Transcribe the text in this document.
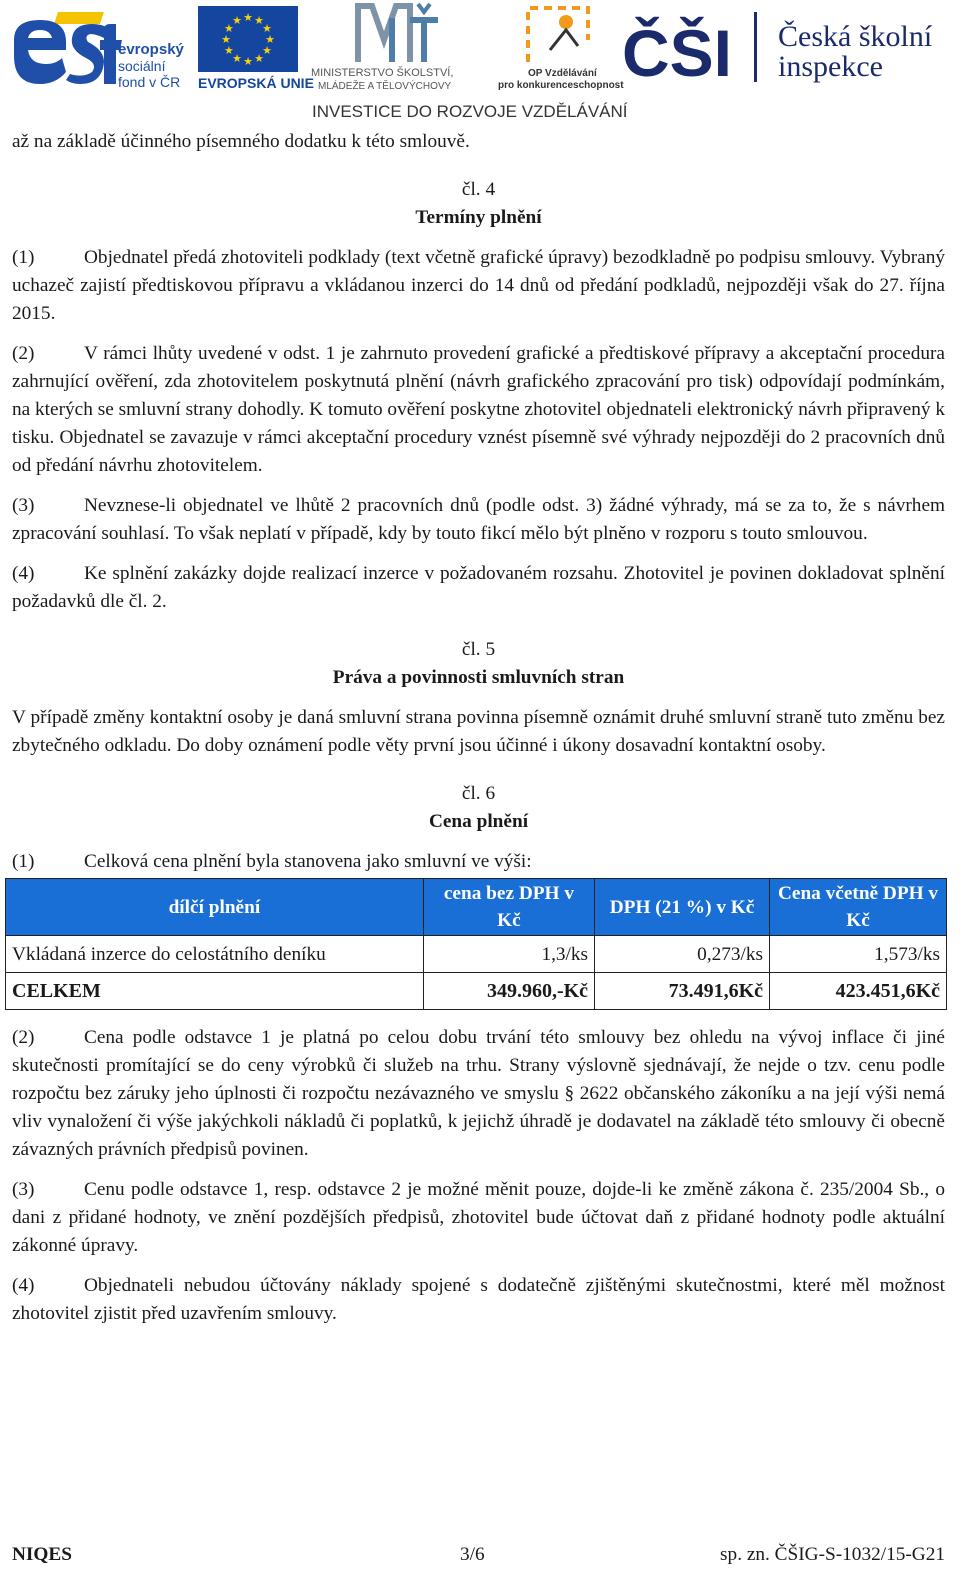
evropský
sociální
fond v ČR
★ ★
★
★
★
★
★
★
★
★
★
★
EVROPSKÁ UNIE
MINISTERSTVO ŠKOLSTVÍ,
MLÁDEŽE A TĚLOVÝCHOVY
OP Vzdělávání
pro konkurenceschopnost
ČŠI Česká školní
inspekce
INVESTICE DO ROZVOJE VZDĚLÁVÁNÍ

až na základě účinného písemného dodatku k této smlouvě.

čl. 4

Termíny plnění

(1)	Objednatel předá zhotoviteli podklady (text včetně grafické úpravy) bezodkladně po podpisu smlouvy. Vybraný uchazeč zajistí předtiskovou přípravu a vkládanou inzerci do 14 dnů od předání podkladů, nejpozději však do 27. října 2015.

(2)	V rámci lhůty uvedené v odst. 1 je zahrnuto provedení grafické a předtiskové přípravy a akceptační procedura zahrnující ověření, zda zhotovitelem poskytnutá plnění (návrh grafického zpracování pro tisk) odpovídají podmínkám, na kterých se smluvní strany dohodly. K tomuto ověření poskytne zhotovitel objednateli elektronický návrh připravený k tisku. Objednatel se zavazuje v rámci akceptační procedury vznést písemně své výhrady nejpozději do 2 pracovních dnů od předání návrhu zhotovitelem.

(3)	Nevznese-li objednatel ve lhůtě 2 pracovních dnů (podle odst. 3) žádné výhrady, má se za to, že s návrhem zpracování souhlasí. To však neplatí v případě, kdy by touto fikcí mělo být plněno v rozporu s touto smlouvou.

(4)	Ke splnění zakázky dojde realizací inzerce v požadovaném rozsahu. Zhotovitel je povinen dokladovat splnění požadavků dle čl. 2.

čl. 5

Práva a povinnosti smluvních stran

V případě změny kontaktní osoby je daná smluvní strana povinna písemně oznámit druhé smluvní straně tuto změnu bez zbytečného odkladu. Do doby oznámení podle věty první jsou účinné i úkony dosavadní kontaktní osoby.

čl. 6

Cena plnění

(1)	Celková cena plnění byla stanovena jako smluvní ve výši:

dílčí plnění	cena bez DPH v Kč	DPH (21 %) v Kč	Cena včetně DPH v Kč
Vkládaná inzerce do celostátního deníku	1,3/ks	0,273/ks	1,573/ks
CELKEM	349.960,-Kč	73.491,6Kč	423.451,6Kč

(2)	Cena podle odstavce 1 je platná po celou dobu trvání této smlouvy bez ohledu na vývoj inflace či jiné skutečnosti promítající se do ceny výrobků či služeb na trhu. Strany výslovně sjednávají, že nejde o tzv. cenu podle rozpočtu bez záruky jeho úplnosti či rozpočtu nezávazného ve smyslu § 2622 občanského zákoníku a na její výši nemá vliv vynaložení či výše jakýchkoli nákladů či poplatků, k jejichž úhradě je dodavatel na základě této smlouvy či obecně závazných právních předpisů povinen.

(3)	Cenu podle odstavce 1, resp. odstavce 2 je možné měnit pouze, dojde-li ke změně zákona č. 235/2004 Sb., o dani z přidané hodnoty, ve znění pozdějších předpisů, zhotovitel bude účtovat daň z přidané hodnoty podle aktuální zákonné úpravy.

(4)	Objednateli nebudou účtovány náklady spojené s dodatečně zjištěnými skutečnostmi, které měl možnost zhotovitel zjistit před uzavřením smlouvy.

NIQES	3/6	sp. zn. ČŠIG-S-1032/15-G21
